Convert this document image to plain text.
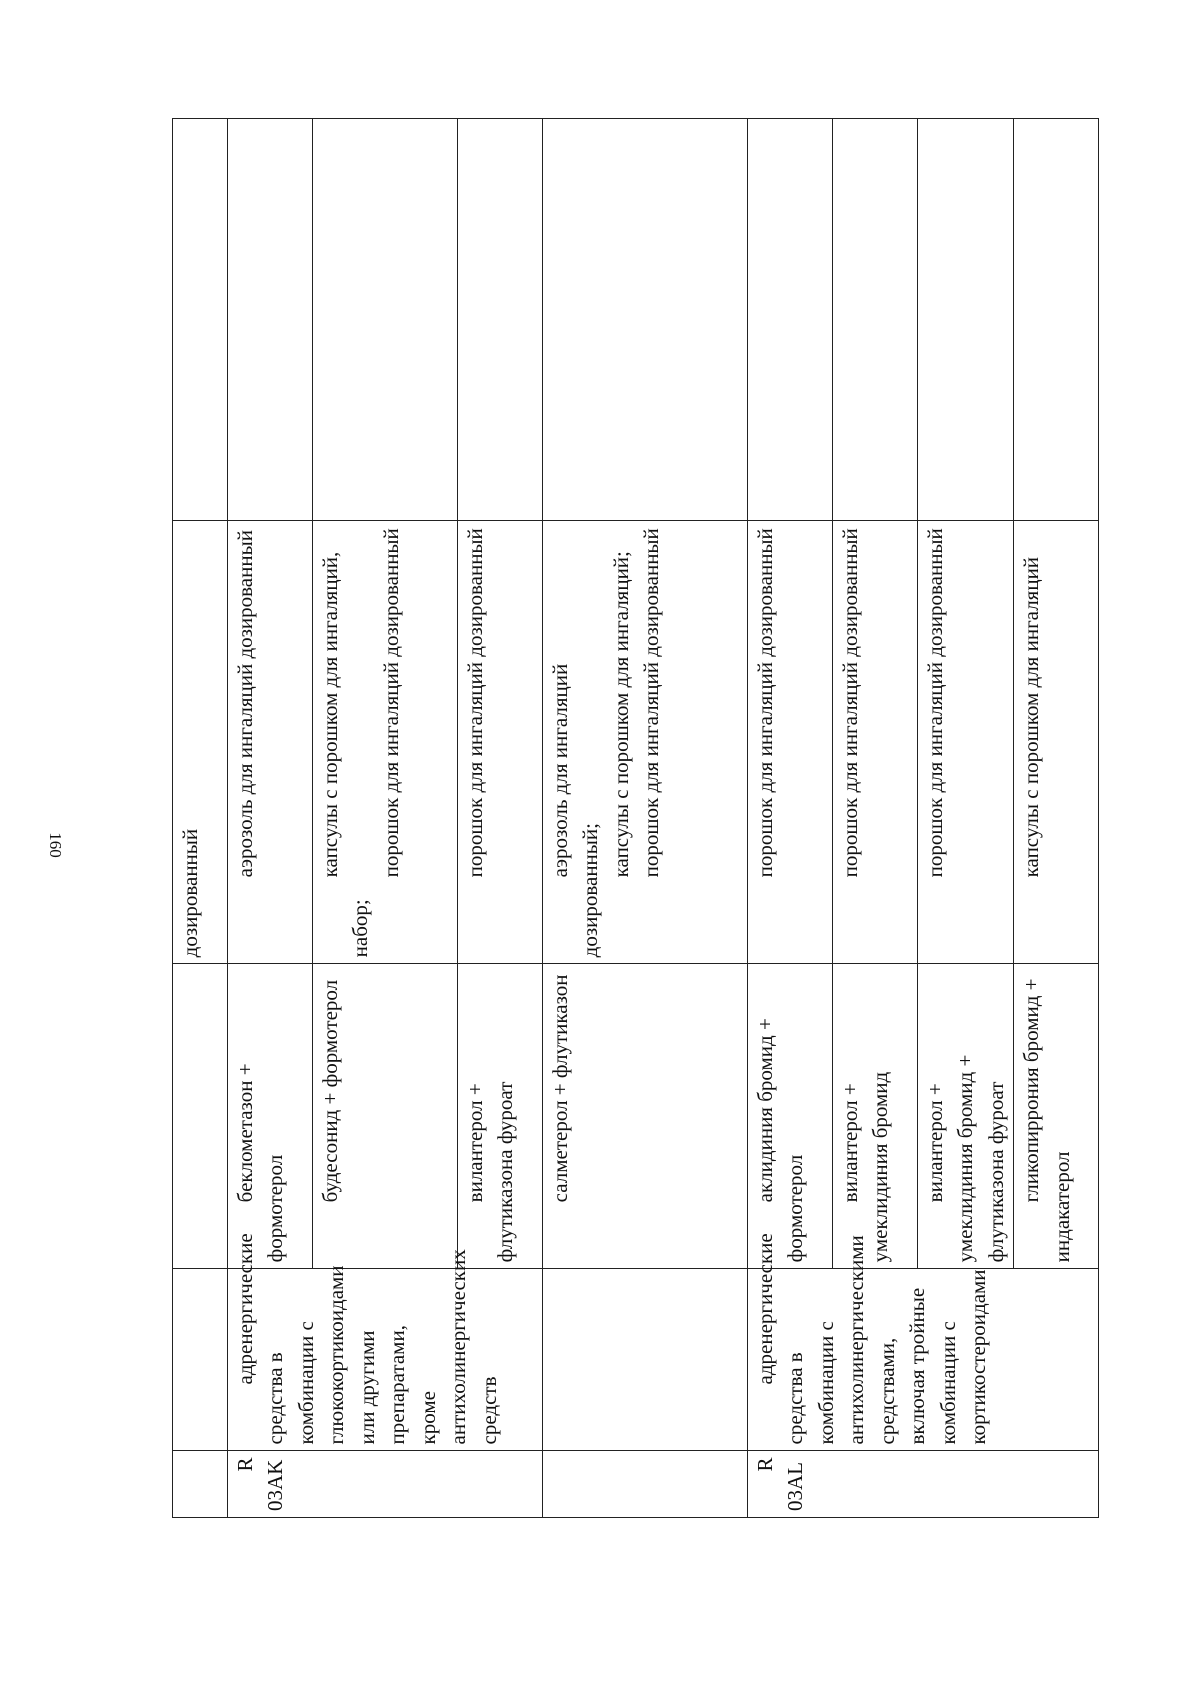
160
				дозированный	

R 03AK	адренергические средства в комбинации с глюкокортикоидами или другими препаратами, кроме антихолинергических средств	беклометазон + формотерол	аэрозоль для ингаляций дозированный	

		будесонид + формотерол	капсулы с порошком для ингаляций, набор;
порошок для ингаляций дозированный	

		вилантерол + флутиказона фуроат	порошок для ингаляций дозированный	

		салметерол + флутиказон	аэрозоль для ингаляций дозированный;
капсулы с порошком для ингаляций; порошок для ингаляций дозированный	

R 03AL	адренергические средства в комбинации с антихолинергическими средствами, включая тройные комбинации с кортикостероидами	аклидиния бромид + формотерол	порошок для ингаляций дозированный	

		вилантерол + умеклидиния бромид	порошок для ингаляций дозированный	

		вилантерол + умеклидиния бромид + флутиказона фуроат	порошок для ингаляций дозированный	

		гликопиррония бромид + индакатерол	капсулы с порошком для ингаляций	
